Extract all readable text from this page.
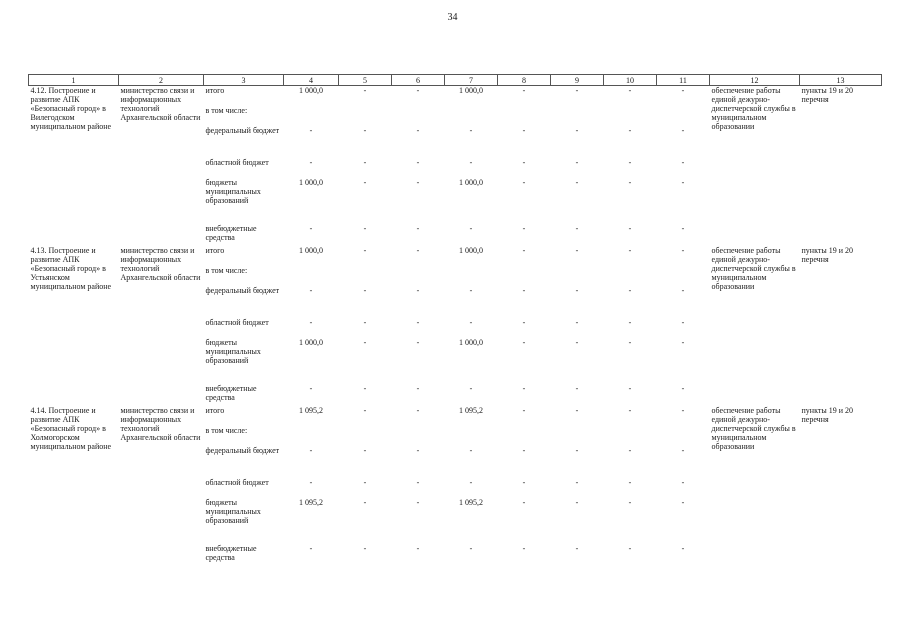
34
1	2	3	4	5	6	7	8	9	10	11	12	13
4.12. Построение и развитие АПК «Безопасный город» в Вилегодском муниципальном районе	министерство связи и информационных технологий Архангельской области	итого	1 000,0	-	-	1 000,0	-	-	-	-	обеспечение работы единой дежурно- диспетчерской службы в муниципальном образовании	пункты 19 и 20 перечня
		в том числе:										
		федеральный бюджет	-	-	-	-	-	-	-	-		
		областной бюджет	-	-	-	-	-	-	-	-		
		бюджеты муниципальных образований	1 000,0	-	-	1 000,0	-	-	-	-		
		внебюджетные средства	-	-	-	-	-	-	-	-		
4.13. Построение и развитие АПК «Безопасный город» в Устьянском муниципальном районе	министерство связи и информационных технологий Архангельской области	итого	1 000,0	-	-	1 000,0	-	-	-	-	обеспечение работы единой дежурно- диспетчерской службы в муниципальном образовании	пункты 19 и 20 перечня
		в том числе:										
		федеральный бюджет	-	-	-	-	-	-	-	-		
		областной бюджет	-	-	-	-	-	-	-	-		
		бюджеты муниципальных образований	1 000,0	-	-	1 000,0	-	-	-	-		
		внебюджетные средства	-	-	-	-	-	-	-	-		
4.14. Построение и развитие АПК «Безопасный город» в Холмогорском муниципальном районе	министерство связи и информационных технологий Архангельской области	итого	1 095,2	-	-	1 095,2	-	-	-	-	обеспечение работы единой дежурно- диспетчерской службы в муниципальном образовании	пункты 19 и 20 перечня
		в том числе:										
		федеральный бюджет	-	-	-	-	-	-	-	-		
		областной бюджет	-	-	-	-	-	-	-	-		
		бюджеты муниципальных образований	1 095,2	-	-	1 095,2	-	-	-	-		
		внебюджетные средства	-	-	-	-	-	-	-	-		
